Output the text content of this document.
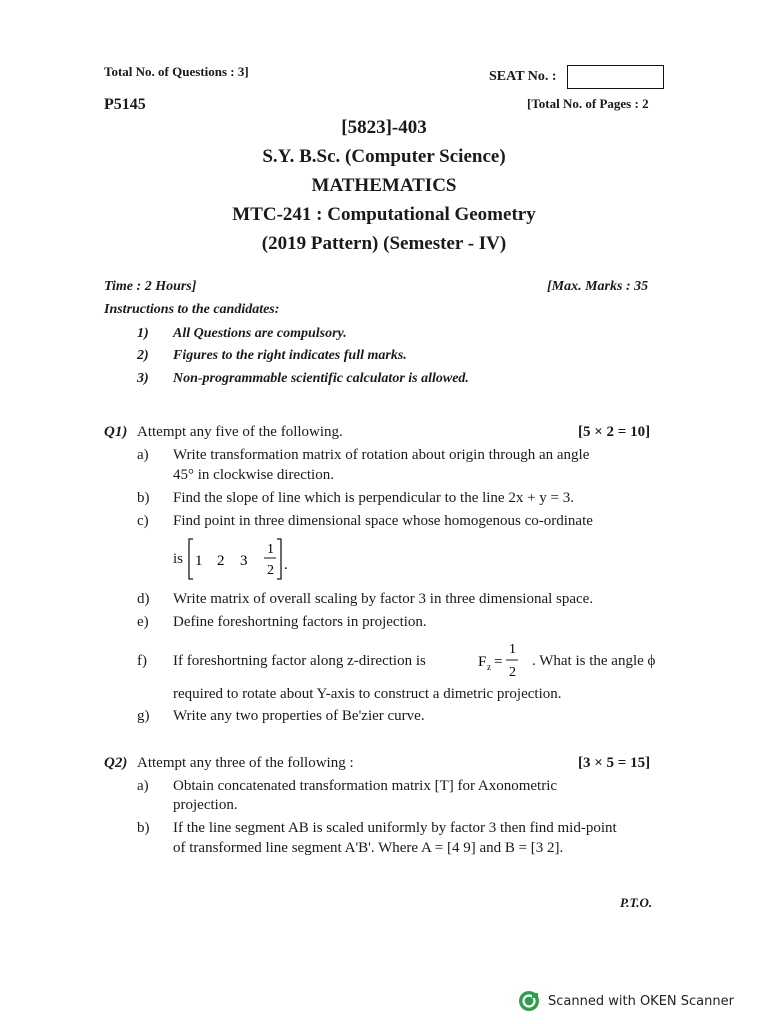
Total No. of Questions : 3]	SEAT No. :
P5145	[Total No. of Pages : 2
[5823]-403
S.Y. B.Sc. (Computer Science)
MATHEMATICS
MTC-241 : Computational Geometry
(2019 Pattern) (Semester - IV)
Time : 2 Hours]	[Max. Marks : 35
Instructions to the candidates:
1) All Questions are compulsory.
2) Figures to the right indicates full marks.
3) Non-programmable scientific calculator is allowed.
Q1) Attempt any five of the following.	[5 × 2 = 10]
a) Write transformation matrix of rotation about origin through an angle
45° in clockwise direction.
b) Find the slope of line which is perpendicular to the line 2x + y = 3.
c) Find point in three dimensional space whose homogenous co-ordinate
is 1 2 3
1
2 .
d) Write matrix of overall scaling by factor 3 in three dimensional space.
e) Define foreshortning factors in projection.
f) If foreshortning factor along z-direction is	F z =
1
2
. What is the angle ϕ
required to rotate about Y-axis to construct a dimetric projection.
g) Write any two properties of Be'zier curve.
Q2) Attempt any three of the following :	[3 × 5 = 15]
a) Obtain concatenated transformation matrix [T] for Axonometric
projection.
b) If the line segment AB is scaled uniformly by factor 3 then find mid-point
of transformed line segment A'B'. Where A = [4 9] and B = [3 2].
P.T.O.
Scanned with OKEN Scanner
